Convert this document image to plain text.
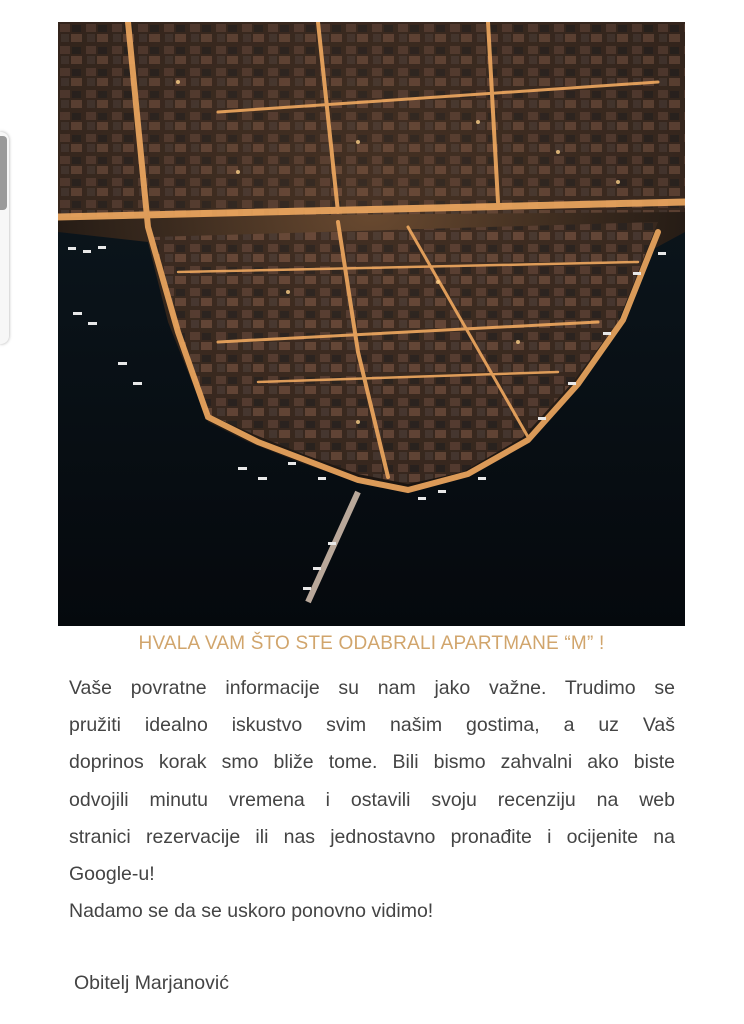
HVALA VAM ŠTO STE ODABRALI APARTMANE “M” !
Vaše povratne informacije su nam jako važne. Trudimo se
pružiti idealno iskustvo svim našim gostima, a uz Vaš
doprinos korak smo bliže tome. Bili bismo zahvalni ako biste
odvojili minutu vremena i ostavili svoju recenziju na web
stranici rezervacije ili nas jednostavno pronađite i ocijenite na
Google-u!
Nadamo se da se uskoro ponovno vidimo!
Obitelj Marjanović
